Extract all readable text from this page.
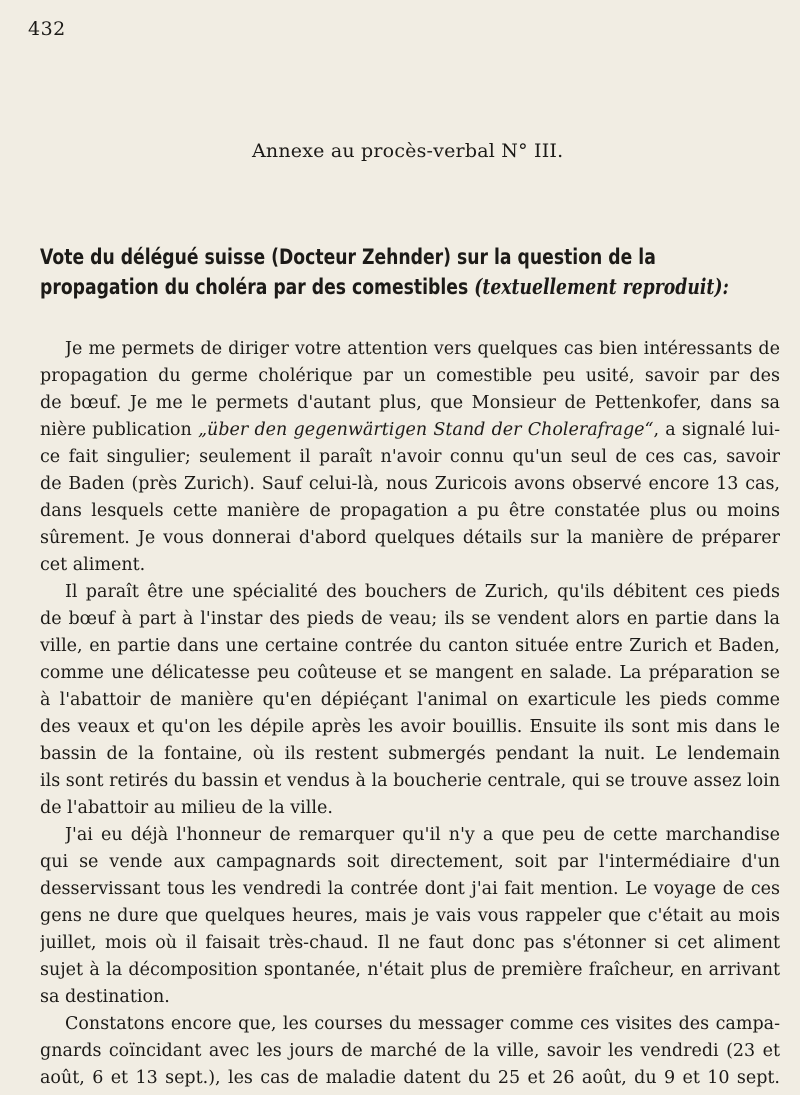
432
Annexe au procès-verbal N° III.
Vote du délégué suisse (Docteur Zehnder) sur la question de la propagation du choléra par des comestibles (textuellement reproduit):
Je me permets de diriger votre attention vers quelques cas bien intéressants de
propagation du germe cholérique par un comestible peu usité, savoir par des
de bœuf. Je me le permets d'autant plus, que Monsieur de Pettenkofer, dans sa
nière publication „über den gegenwärtigen Stand der Cholerafrage“, a signalé lui-
ce fait singulier; seulement il paraît n'avoir connu qu'un seul de ces cas, savoir
de Baden (près Zurich). Sauf celui-là, nous Zuricois avons observé encore 13 cas,
dans lesquels cette manière de propagation a pu être constatée plus ou moins
sûrement. Je vous donnerai d'abord quelques détails sur la manière de préparer
cet aliment.
Il paraît être une spécialité des bouchers de Zurich, qu'ils débitent ces pieds
de bœuf à part à l'instar des pieds de veau; ils se vendent alors en partie dans la
ville, en partie dans une certaine contrée du canton située entre Zurich et Baden,
comme une délicatesse peu coûteuse et se mangent en salade. La préparation se
à l'abattoir de manière qu'en dépiéçant l'animal on exarticule les pieds comme
des veaux et qu'on les dépile après les avoir bouillis. Ensuite ils sont mis dans le
bassin de la fontaine, où ils restent submergés pendant la nuit. Le lendemain
ils sont retirés du bassin et vendus à la boucherie centrale, qui se trouve assez loin
de l'abattoir au milieu de la ville.
J'ai eu déjà l'honneur de remarquer qu'il n'y a que peu de cette marchandise
qui se vende aux campagnards soit directement, soit par l'intermédiaire d'un
desservissant tous les vendredi la contrée dont j'ai fait mention. Le voyage de ces
gens ne dure que quelques heures, mais je vais vous rappeler que c'était au mois
juillet, mois où il faisait très-chaud. Il ne faut donc pas s'étonner si cet aliment
sujet à la décomposition spontanée, n'était plus de première fraîcheur, en arrivant
sa destination.
Constatons encore que, les courses du messager comme ces visites des campa-
gnards coïncidant avec les jours de marché de la ville, savoir les vendredi (23 et
août, 6 et 13 sept.), les cas de maladie datent du 25 et 26 août, du 9 et 10 sept.
